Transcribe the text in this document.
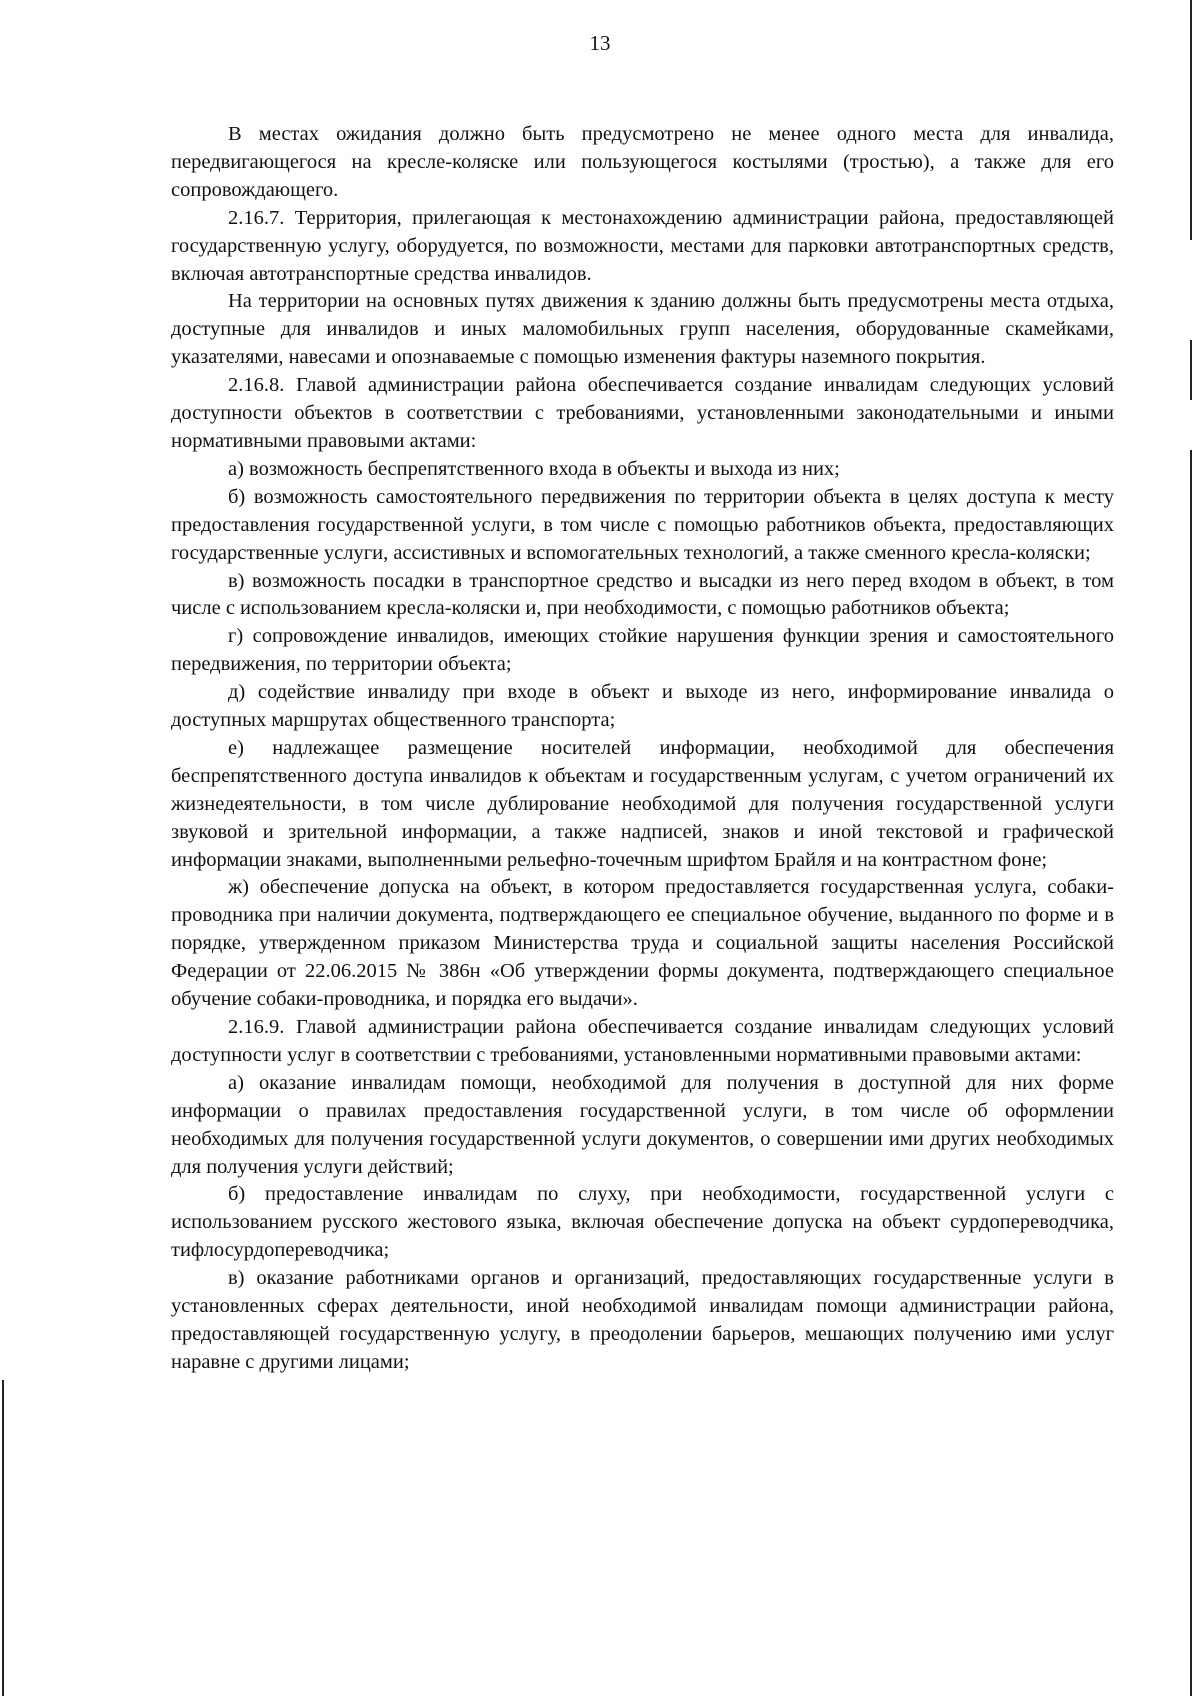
13

В местах ожидания должно быть предусмотрено не менее одного места для инвалида, передвигающегося на кресле-коляске или пользующегося костылями (тростью), а также для его сопровождающего.

2.16.7. Территория, прилегающая к местонахождению администрации района, предоставляющей государственную услугу, оборудуется, по возможности, местами для парковки автотранспортных средств, включая автотранспортные средства инвалидов.

На территории на основных путях движения к зданию должны быть предусмотрены места отдыха, доступные для инвалидов и иных маломобильных групп населения, оборудованные скамейками, указателями, навесами и опознаваемые с помощью изменения фактуры наземного покрытия.

2.16.8. Главой администрации района обеспечивается создание инвалидам следующих условий доступности объектов в соответствии с требованиями, установленными законодательными и иными нормативными правовыми актами:

а) возможность беспрепятственного входа в объекты и выхода из них;

б) возможность самостоятельного передвижения по территории объекта в целях доступа к месту предоставления государственной услуги, в том числе с помощью работников объекта, предоставляющих государственные услуги, ассистивных и вспомогательных технологий, а также сменного кресла-коляски;

в) возможность посадки в транспортное средство и высадки из него перед входом в объект, в том числе с использованием кресла-коляски и, при необходимости, с помощью работников объекта;

г) сопровождение инвалидов, имеющих стойкие нарушения функции зрения и самостоятельного передвижения, по территории объекта;

д) содействие инвалиду при входе в объект и выходе из него, информирование инвалида о доступных маршрутах общественного транспорта;

е) надлежащее размещение носителей информации, необходимой для обеспечения беспрепятственного доступа инвалидов к объектам и государственным услугам, с учетом ограничений их жизнедеятельности, в том числе дублирование необходимой для получения государственной услуги звуковой и зрительной информации, а также надписей, знаков и иной текстовой и графической информации знаками, выполненными рельефно-точечным шрифтом Брайля и на контрастном фоне;

ж) обеспечение допуска на объект, в котором предоставляется государственная услуга, собаки-проводника при наличии документа, подтверждающего ее специальное обучение, выданного по форме и в порядке, утвержденном приказом Министерства труда и социальной защиты населения Российской Федерации от 22.06.2015 № 386н «Об утверждении формы документа, подтверждающего специальное обучение собаки-проводника, и порядка его выдачи».

2.16.9. Главой администрации района обеспечивается создание инвалидам следующих условий доступности услуг в соответствии с требованиями, установленными нормативными правовыми актами:

а) оказание инвалидам помощи, необходимой для получения в доступной для них форме информации о правилах предоставления государственной услуги, в том числе об оформлении необходимых для получения государственной услуги документов, о совершении ими других необходимых для получения услуги действий;

б) предоставление инвалидам по слуху, при необходимости, государственной услуги с использованием русского жестового языка, включая обеспечение допуска на объект сурдопереводчика, тифлосурдопереводчика;

в) оказание работниками органов и организаций, предоставляющих государственные услуги в установленных сферах деятельности, иной необходимой инвалидам помощи администрации района, предоставляющей государственную услугу, в преодолении барьеров, мешающих получению ими услуг наравне с другими лицами;
